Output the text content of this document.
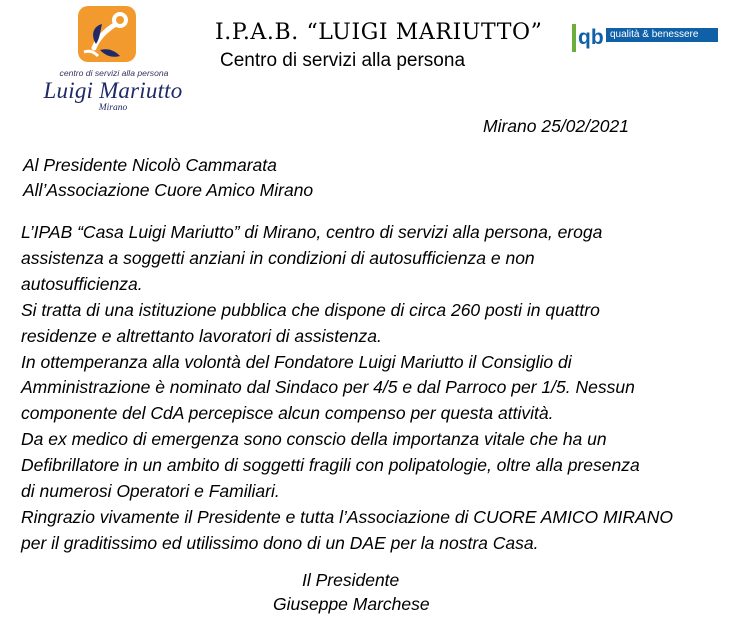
centro di servizi alla persona
Luigi Mariutto
Mirano
I.P.A.B. “LUIGI MARIUTTO”
Centro di servizi alla persona
qb qualità & benessere
Mirano 25/02/2021
Al Presidente Nicolò Cammarata
All’Associazione Cuore Amico Mirano
L’IPAB “Casa Luigi Mariutto” di Mirano, centro di servizi alla persona, eroga
assistenza a soggetti anziani in condizioni di autosufficienza e non
autosufficienza.
Si tratta di una istituzione pubblica che dispone di circa 260 posti in quattro
residenze e altrettanto lavoratori di assistenza.
In ottemperanza alla volontà del Fondatore Luigi Mariutto il Consiglio di
Amministrazione è nominato dal Sindaco per 4/5 e dal Parroco per 1/5. Nessun
componente del CdA percepisce alcun compenso per questa attività.
Da ex medico di emergenza sono conscio della importanza vitale che ha un
Defibrillatore in un ambito di soggetti fragili con polipatologie, oltre alla presenza
di numerosi Operatori e Familiari.
Ringrazio vivamente il Presidente e tutta l’Associazione di CUORE AMICO MIRANO
per il graditissimo ed utilissimo dono di un DAE per la nostra Casa.
Il Presidente
Giuseppe Marchese
